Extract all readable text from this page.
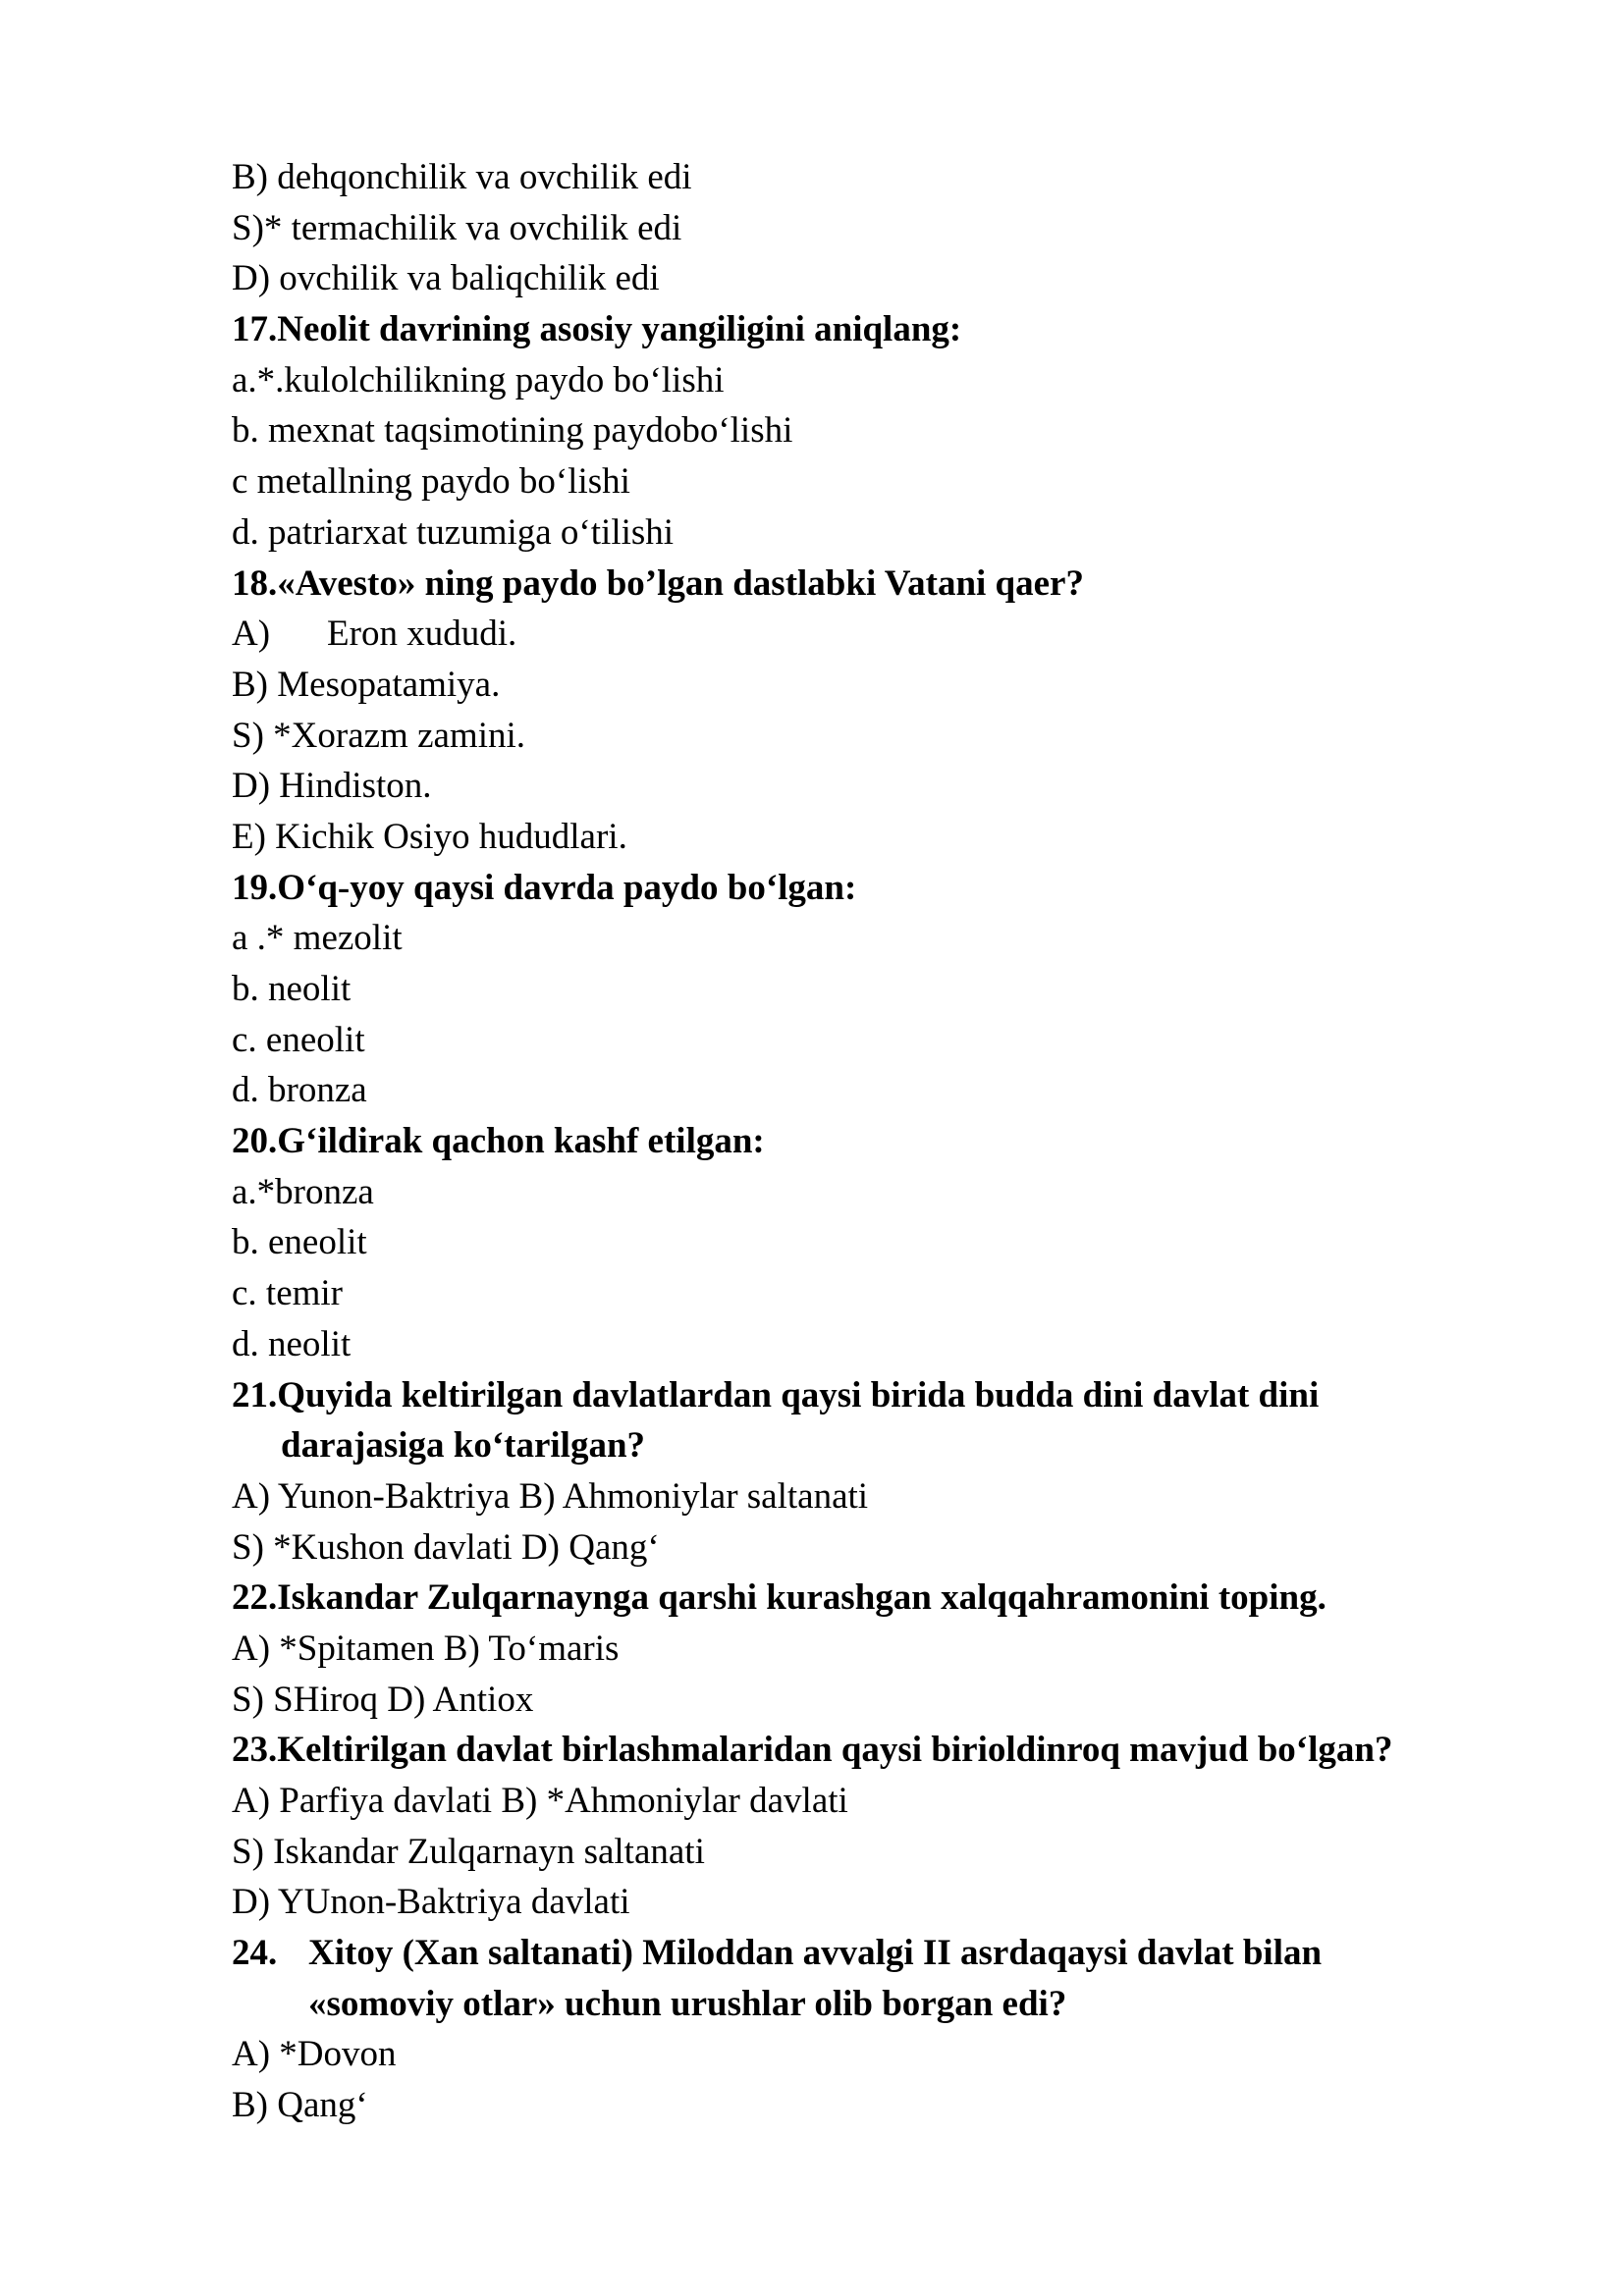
B) dehqonchilik va ovchilik edi
S)* termachilik va ovchilik edi
D) ovchilik va baliqchilik edi
17.Neolit davrining asosiy yangiligini aniqlang:
a.*.kulolchilikning paydo bo‘lishi
b. mexnat taqsimotining paydobo‘lishi
c metallning paydo bo‘lishi
d. patriarxat tuzumiga o‘tilishi
18.«Avesto» ning paydo bo’lgan dastlabki Vatani qaer?
A) Eron xududi.
B) Mesopatamiya.
S) *Xorazm zamini.
D) Hindiston.
E) Kichik Osiyo hududlari.
19.O‘q-yoy qaysi davrda paydo bo‘lgan:
a .* mezolit
b. neolit
c. eneolit
d. bronza
20.G‘ildirak qachon kashf etilgan:
a.*bronza
b. eneolit
c. temir
d. neolit
21.Quyida keltirilgan davlatlardan qaysi birida budda dini davlat dini
darajasiga ko‘tarilgan?
A) Yunon-Baktriya B) Ahmoniylar saltanati
S) *Kushon davlati D) Qang‘
22.Iskandar Zulqarnaynga qarshi kurashgan xalqqahramonini toping.
A) *Spitamen B) To‘maris
S) SHiroq D) Antiox
23.Keltirilgan davlat birlashmalaridan qaysi birioldinroq mavjud bo‘lgan?
A) Parfiya davlati B) *Ahmoniylar davlati
S) Iskandar Zulqarnayn saltanati
D) YUnon-Baktriya davlati
24. Xitoy (Xan saltanati) Miloddan avvalgi II asrdaqaysi davlat bilan
«somoviy otlar» uchun urushlar olib borgan edi?
A) *Dovon
B) Qang‘
